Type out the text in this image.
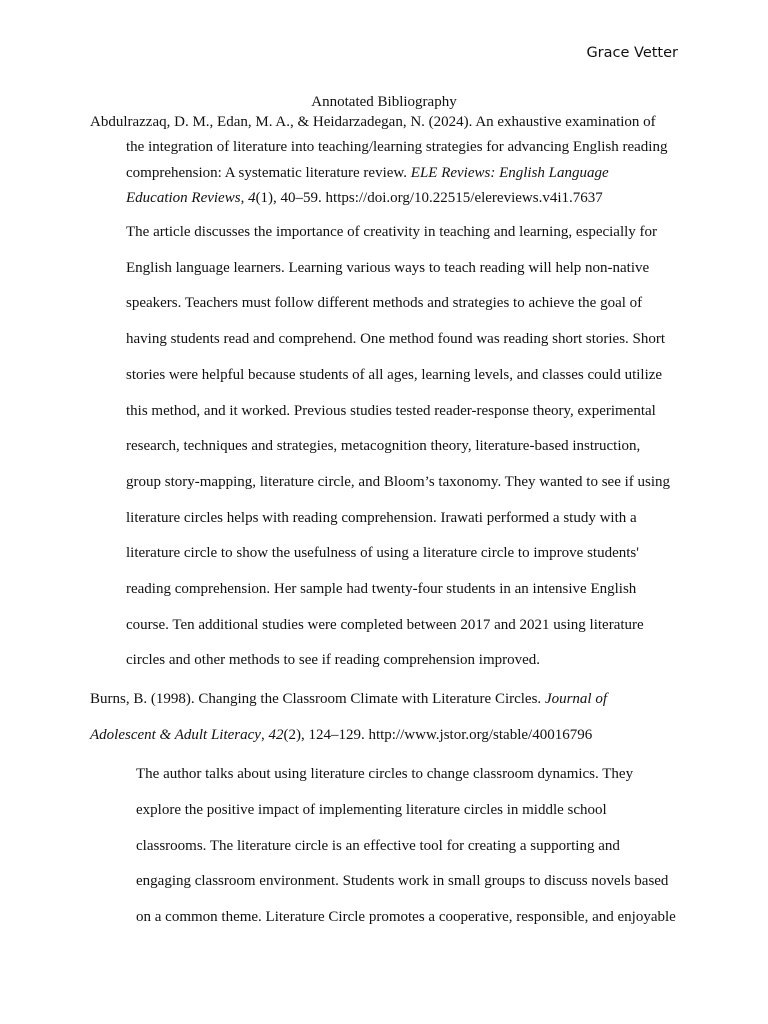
Grace Vetter
Annotated Bibliography
Abdulrazzaq, D. M., Edan, M. A., & Heidarzadegan, N. (2024). An exhaustive examination of
the integration of literature into teaching/learning strategies for advancing English reading
comprehension: A systematic literature review. ELE Reviews: English Language
Education Reviews, 4(1), 40–59. https://doi.org/10.22515/elereviews.v4i1.7637
The article discusses the importance of creativity in teaching and learning, especially for
English language learners. Learning various ways to teach reading will help non-native
speakers. Teachers must follow different methods and strategies to achieve the goal of
having students read and comprehend. One method found was reading short stories. Short
stories were helpful because students of all ages, learning levels, and classes could utilize
this method, and it worked. Previous studies tested reader-response theory, experimental
research, techniques and strategies, metacognition theory, literature-based instruction,
group story-mapping, literature circle, and Bloom’s taxonomy. They wanted to see if using
literature circles helps with reading comprehension. Irawati performed a study with a
literature circle to show the usefulness of using a literature circle to improve students'
reading comprehension. Her sample had twenty-four students in an intensive English
course. Ten additional studies were completed between 2017 and 2021 using literature
circles and other methods to see if reading comprehension improved.
Burns, B. (1998). Changing the Classroom Climate with Literature Circles. Journal of
Adolescent & Adult Literacy, 42(2), 124–129. http://www.jstor.org/stable/40016796
The author talks about using literature circles to change classroom dynamics. They
explore the positive impact of implementing literature circles in middle school
classrooms. The literature circle is an effective tool for creating a supporting and
engaging classroom environment. Students work in small groups to discuss novels based
on a common theme. Literature Circle promotes a cooperative, responsible, and enjoyable
